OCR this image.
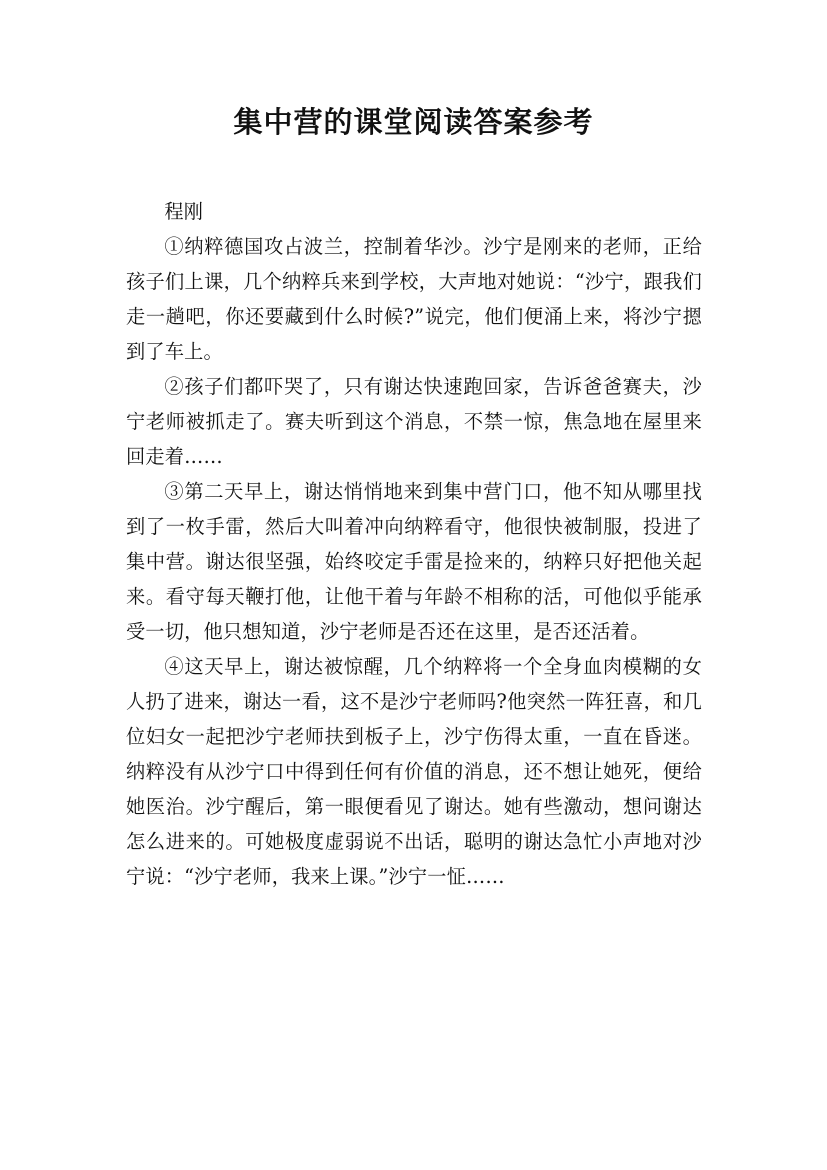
集中营的课堂阅读答案参考

程刚

①纳粹德国攻占波兰，控制着华沙。沙宁是刚来的老师，正给孩子们上课，几个纳粹兵来到学校，大声地对她说：“沙宁，跟我们走一趟吧，你还要藏到什么时候?”说完，他们便涌上来，将沙宁摁到了车上。

②孩子们都吓哭了，只有谢达快速跑回家，告诉爸爸赛夫，沙宁老师被抓走了。赛夫听到这个消息，不禁一惊，焦急地在屋里来回走着……

③第二天早上，谢达悄悄地来到集中营门口，他不知从哪里找到了一枚手雷，然后大叫着冲向纳粹看守，他很快被制服，投进了集中营。谢达很坚强，始终咬定手雷是捡来的，纳粹只好把他关起来。看守每天鞭打他，让他干着与年龄不相称的活，可他似乎能承受一切，他只想知道，沙宁老师是否还在这里，是否还活着。

④这天早上，谢达被惊醒，几个纳粹将一个全身血肉模糊的女人扔了进来，谢达一看，这不是沙宁老师吗?他突然一阵狂喜，和几位妇女一起把沙宁老师扶到板子上，沙宁伤得太重，一直在昏迷。纳粹没有从沙宁口中得到任何有价值的消息，还不想让她死，便给她医治。沙宁醒后，第一眼便看见了谢达。她有些激动，想问谢达怎么进来的。可她极度虚弱说不出话，聪明的谢达急忙小声地对沙宁说：“沙宁老师，我来上课。”沙宁一怔……
